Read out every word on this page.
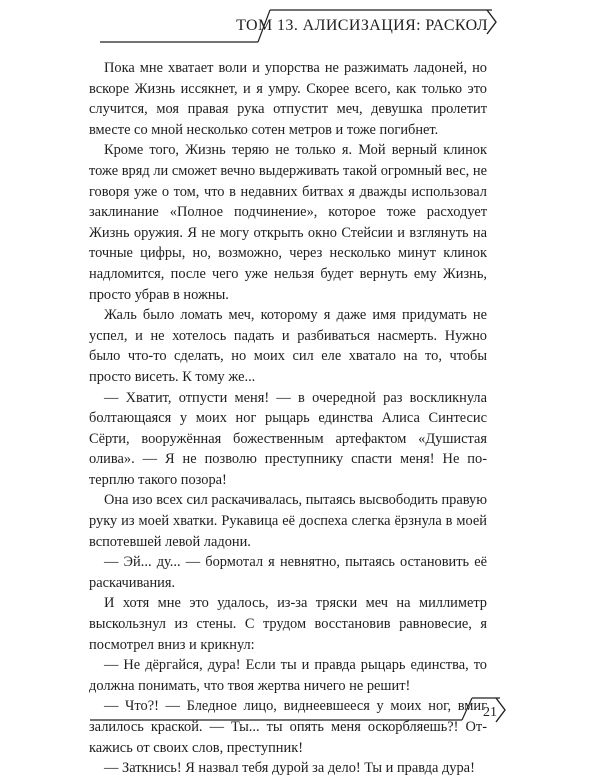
ТОМ 13. АЛИСИЗАЦИЯ: РАСКОЛ

Пока мне хватает воли и упорства не разжимать ладоней, но вскоре Жизнь иссякнет, и я умру. Скорее всего, как только это случится, моя правая рука отпустит меч, девушка пролетит вместе со мной несколько сотен метров и тоже погибнет.

Кроме того, Жизнь теряю не только я. Мой верный клинок тоже вряд ли сможет вечно выдерживать такой огромный вес, не говоря уже о том, что в недавних битвах я дважды использовал заклинание «Полное подчинение», которое тоже расходует Жизнь оружия. Я не могу открыть окно Стейсии и взглянуть на точные цифры, но, возможно, через несколько минут клинок надломится, после чего уже нельзя будет вернуть ему Жизнь, просто убрав в ножны.

Жаль было ломать меч, которому я даже имя придумать не успел, и не хотелось падать и разбиваться насмерть. Нужно было что-то сделать, но моих сил еле хватало на то, чтобы просто висеть. К тому же...

— Хватит, отпусти меня! — в очередной раз воскликнула болтающаяся у моих ног рыцарь единства Алиса Синтесис Сёрти, вооружённая божественным артефактом «Душистая олива». — Я не позволю преступнику спасти меня! Не потерплю такого позора!

Она изо всех сил раскачивалась, пытаясь высвободить правую руку из моей хватки. Рукавица её доспеха слегка ёрзнула в моей вспотевшей левой ладони.

— Эй... ду... — бормотал я невнятно, пытаясь остановить её раскачивания.

И хотя мне это удалось, из-за тряски меч на миллиметр выскользнул из стены. С трудом восстановив равновесие, я посмотрел вниз и крикнул:

— Не дёргайся, дура! Если ты и правда рыцарь единства, то должна понимать, что твоя жертва ничего не решит!

— Что?! — Бледное лицо, виднеевшееся у моих ног, вмиг залилось краской. — Ты... ты опять меня оскорбляешь?! Откажись от своих слов, преступник!

— Заткнись! Я назвал тебя дурой за дело! Ты и правда дура!

21
